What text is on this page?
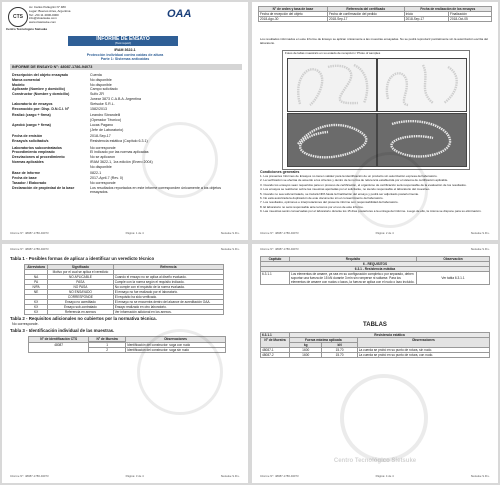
CTS
Av. Carlos Pellegrini N° 480
Lugar: Buenos Aires, Argentina
Tel: +54 11 4000-0000
info@ctsietsuke.com
www.ctsietsuke.com
Centro Tecnológico Sietsuke
OAA
INFORME DE ENSAYO
(Test report)
IRAM 3622-1
Protección individual contra caídas de altura
Parte 1: Sistemas anticaídas
INFORME DE ENSAYO N°: 48087-1786-94073
Descripción del objeto ensayado	Cuerda
Marca comercial	No disponible
Modelo	No disponible
Aplicante (Nombre y domicilio)	Campo solicitado
Constructor (Nombre y domicilio)	Sulfo ZR
Junear 3873 C.A.B.A. Argentina
Laboratorio de ensayos	Sietsuke S.R.L.
Reconocido por: Disp. D.N.C.I. N°	1582/2013
Realizó (cargo + firma)	Leandro Sbrandelli
(Operador Técnico)
Aprobó (cargo + firma)	Lucas Pagano
(Jefe de Laboratorio)
Fecha de emisión	2018-Sep-17
Ensayo/s solicitado/s	Resistencia estática (Capítulo 6.3.1)
Laboratorios subcontratados	No corresponde
Procedimiento empleado	El indicado por las normas aplicadas
Desviaciones al procedimiento	No se aplicaron
Normas aplicables	IRAM 3622-1, 1ra edición (Enero 2004)
No disponible
Base de Informe	0822-1
Fecha de base	2017-April-7 (Rev. 0)
Tasador / Elaborado	No corresponde
Declaración de propiedad de la base	Los resultados reportados en este informe corresponden únicamente a los objetos ensayados.
Informe N°: 48087-1786-94073	Página: 1 de 4	Sietsuke S.R.L.
N° de orden y tasa de base	Referencia del certificado	Fecha de realización de los ensayos	
Fecha de recepción del objeto	Fecha de confirmación del pedido	Inicio	Finalización
2018-Ago-30	2018-Sep-17	2018-Sep-17	2018-Oct-05
Los resultados informados en este Informe de Ensayo se aplican únicamente a las muestras ensayadas. No se podrá reproducir parcialmente sin la autorización escrita del laboratorio.
Fotos de la/las muestra/s en su estado de recepción / Photo of samples
Condiciones generales
1. Los presentes Informes de Ensayos no tienen validez para la identificación de un producto sin autorización expresa del laboratorio.
2. La verificación se efectúa de acuerdo a los criterios y dentro de la norma de referencia establecida por el sistema de certificación aplicable.
3. Cuando los ensayos sean requeridos para un proceso de certificación, el organismo de certificación será responsable de la evaluación de los resultados.
4. Los ensayos se realizaron sobre las muestras aportadas por el solicitante, no siendo responsable el laboratorio del muestreo.
5. Cuando no sea subcontratado, se trazará NPA hasta la finalización del ensayo y podrá ser adjuntado posteriormente.
6. No está autorizada la duplicación de este documento sin el consentimiento del laboratorio.
7. Los resultados, opiniones e interpretaciones del presente informe son responsabilidad del laboratorio.
8. El laboratorio no será responsable ante terceros por el uso de este informe.
9. Las muestras serán conservadas por el laboratorio durante los 15 días posteriores a la entrega del informe. Luego de ello, la misma se dispone para su eliminación.
Informe N°: 48087-1786-94073	Página: 2 de 4	Sietsuke S.R.L.
Informe N°: 48087-1786-94073	Sietsuke S.R.L.
Tabla 1 - Posibles formas de aplicar a identificar un veredicto técnico
Abreviatura	Significado	Referencia
	Motivo por el cual se aplica el veredicto	
NA	NO APLICABLE	Cuando el ensayo no se aplica al diseño evaluado.
PA	PASA	Cumple con la norma según el requisito indicado.
N/PA	NO PASA	No cumple con el requisito de la norma evaluada.
NE	NO ENSAYADO	El ensayo no fue realizado por el laboratorio.
	CORRESPONDE	El requisito ha sido verificado.
KX	Ensayo no acreditado	El ensayo no se encuentra dentro del alcance de acreditación OAA.
KX	Ensayo sub-contratado	Ensayo realizado en otro laboratorio.
KX	Referencia en anexos	Ver información adicional en los anexos.
Tabla 2 - Requisitos adicionales no cubiertos por la normativa técnica.
No corresponde.
Tabla 3 - Identificación individual de las muestras.
N° de identificación CTS	N° de Muestra	Observaciones

48087	1	Identificación del constructor: soga con nudo
	2	Identificación del constructor: soga sin nudo
Informe N°: 48087-1786-94073	Página: 3 de 4	Sietsuke S.R.L.
Informe N°: 48087-1786-94073	Sietsuke S.R.L.
Capítulo	Requisito	Observación
6 - REQUISITOS		
6.3.1 - Resistencia estática		
6.3.1.1	Los elementos de amarre, ya sea en su configuración completa o por separado, deben soportar una fuerza de 15 kN durante 3 min sin romperse ni soltarse. Para los elementos de amarre con nudos o lazos, la fuerza se aplica con el nudo o lazo incluido.	Ver tabla 6.3.1.1
TABLAS
6.3.1.1	Resistencia estática		
N° de Muestra	Fuerza máxima aplicada		Observaciones
	kg	kN	
48087-1	1600	15.70	La cuerda se probó en su punto de rotura, sin nudo.
48087-2	1600	15.70	La cuerda se probó en su punto de rotura, con nudo.
Centro Tecnológico Sietsuke
Informe N°: 48087-1786-94073	Página: 4 de 4	Sietsuke S.R.L.
